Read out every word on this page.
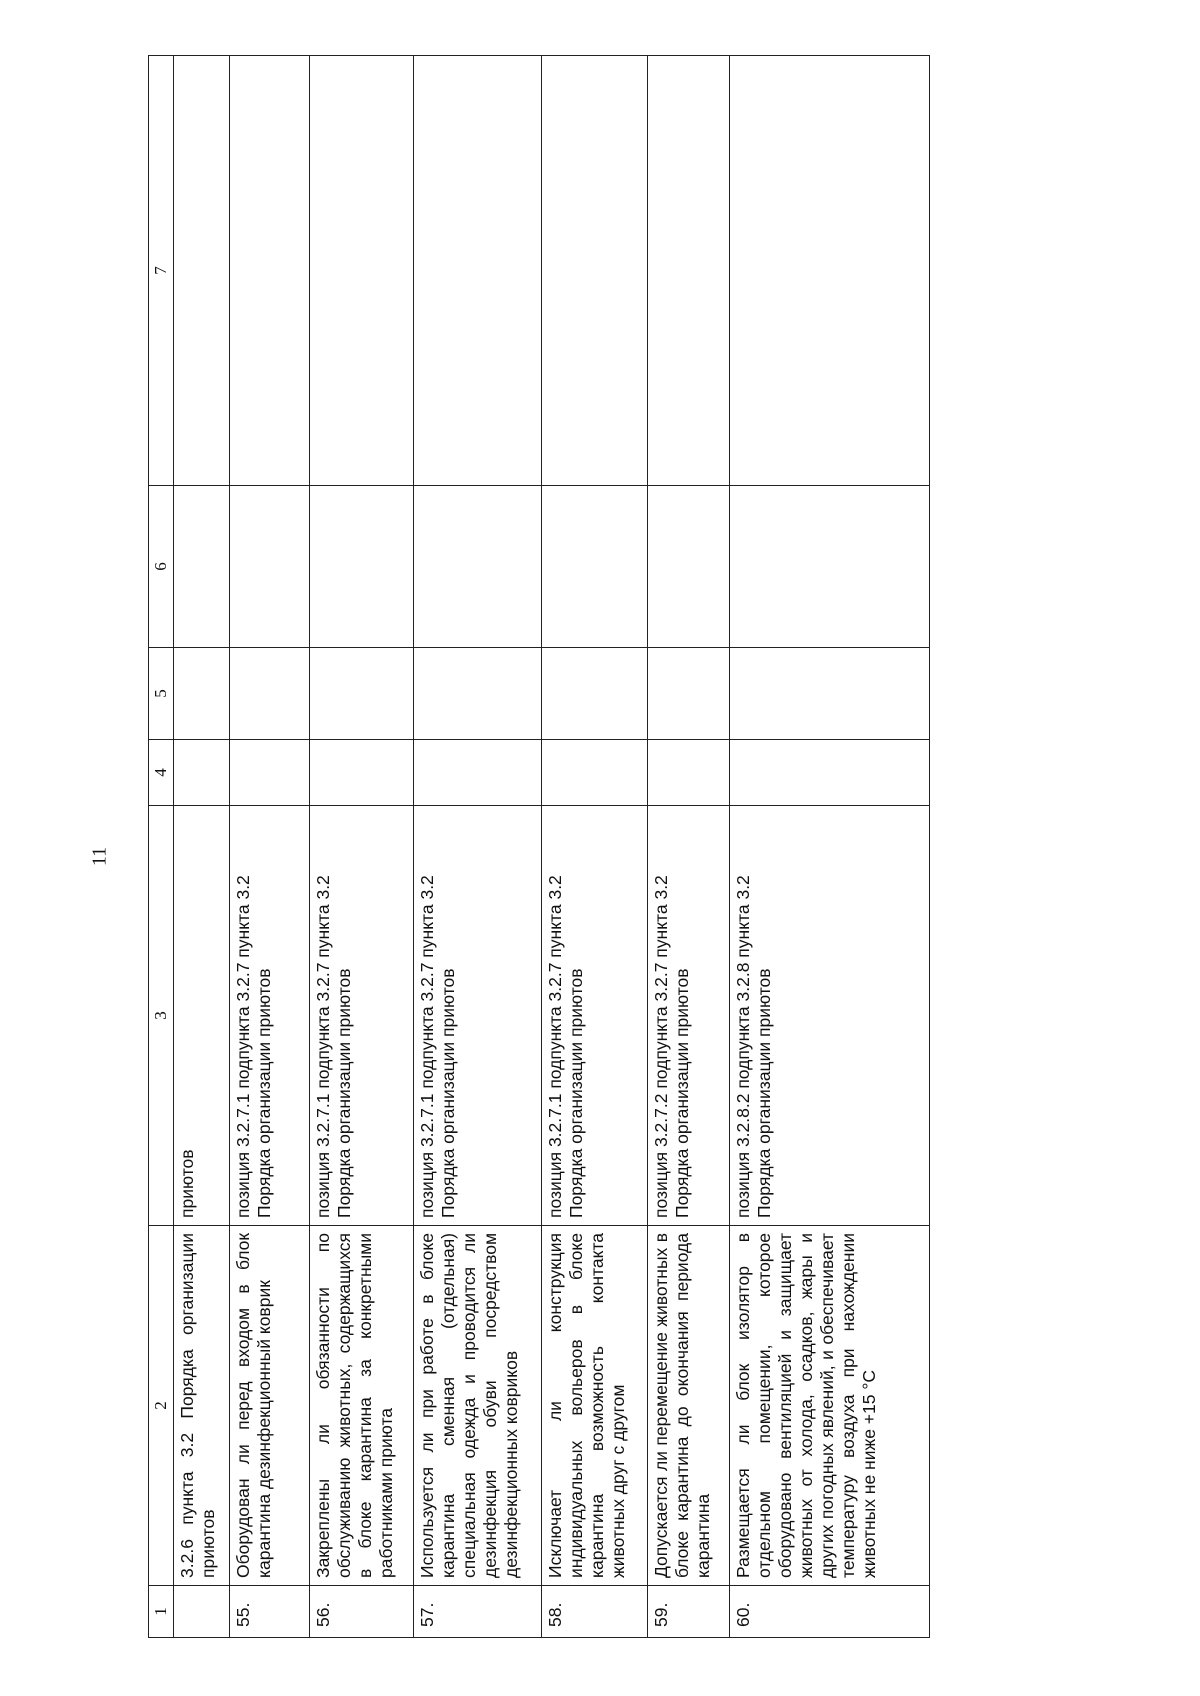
11
1	2	3	4	5	6	7
	3.2.6 пункта 3.2 Порядка организации приютов	приютов				
55.	Оборудован ли перед входом в блок карантина дезинфекционный коврик	позиция 3.2.7.1 подпункта 3.2.7 пункта 3.2 Порядка организации приютов				
56.	Закреплены ли обязанности по обслуживанию животных, содержащихся в блоке карантина за конкретными работниками приюта	позиция 3.2.7.1 подпункта 3.2.7 пункта 3.2 Порядка организации приютов				
57.	Используется ли при работе в блоке карантина сменная (отдельная) специальная одежда и проводится ли дезинфекция обуви посредством дезинфекционных ковриков	позиция 3.2.7.1 подпункта 3.2.7 пункта 3.2 Порядка организации приютов				
58.	Исключает ли конструкция индивидуальных вольеров в блоке карантина возможность контакта животных друг с другом	позиция 3.2.7.1 подпункта 3.2.7 пункта 3.2 Порядка организации приютов				
59.	Допускается ли перемещение животных в блоке карантина до окончания периода карантина	позиция 3.2.7.2 подпункта 3.2.7 пункта 3.2 Порядка организации приютов				
60.	Размещается ли блок изолятор в отдельном помещении, которое оборудовано вентиляцией и защищает животных от холода, осадков, жары и других погодных явлений, и обеспечивает температуру воздуха при нахождении животных не ниже +15 °С	позиция 3.2.8.2 подпункта 3.2.8 пункта 3.2 Порядка организации приютов				
